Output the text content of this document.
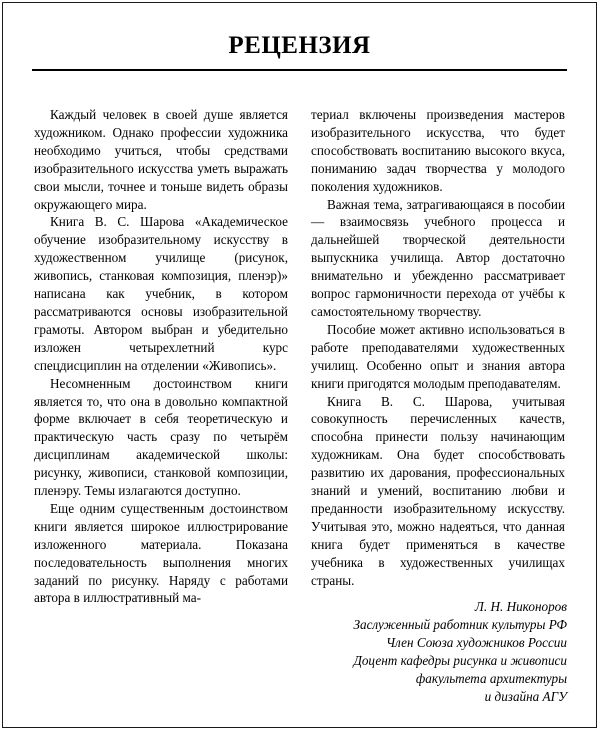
РЕЦЕНЗИЯ

Каждый человек в своей душе является художником. Однако профессии художника необходимо учиться, чтобы средствами изобразительного искусства уметь выражать свои мысли, точнее и тоньше видеть образы окружающего мира.

Книга В. С. Шарова «Академическое обучение изобразительному искусству в художественном училище (рисунок, живопись, станковая композиция, пленэр)» написана как учебник, в котором рассматриваются основы изобразительной грамоты. Автором выбран и убедительно изложен четырехлетний курс спецдисциплин на отделении «Живопись».

Несомненным достоинством книги является то, что она в довольно компактной форме включает в себя теоретическую и практическую часть сразу по четырём дисциплинам академической школы: рисунку, живописи, станковой композиции, пленэру. Темы излагаются доступно.

Еще одним существенным достоинством книги является широкое иллюстрирование изложенного материала. Показана последовательность выполнения многих заданий по рисунку. Наряду с работами автора в иллюстративный ма-

териал включены произведения мастеров изобразительного искусства, что будет способствовать воспитанию высокого вкуса, пониманию задач творчества у молодого поколения художников.

Важная тема, затрагивающаяся в пособии — взаимосвязь учебного процесса и дальнейшей творческой деятельности выпускника училища. Автор достаточно внимательно и убежденно рассматривает вопрос гармоничности перехода от учёбы к самостоятельному творчеству.

Пособие может активно использоваться в работе преподавателями художественных училищ. Особенно опыт и знания автора книги пригодятся молодым преподавателям.

Книга В. С. Шарова, учитывая совокупность перечисленных качеств, способна принести пользу начинающим художникам. Она будет способствовать развитию их дарования, профессиональных знаний и умений, воспитанию любви и преданности изобразительному искусству. Учитывая это, можно надеяться, что данная книга будет применяться в качестве учебника в художественных училищах страны.

Л. Н. Никоноров
Заслуженный работник культуры РФ
Член Союза художников России
Доцент кафедры рисунка и живописи
факультета архитектуры
и дизайна АГУ
